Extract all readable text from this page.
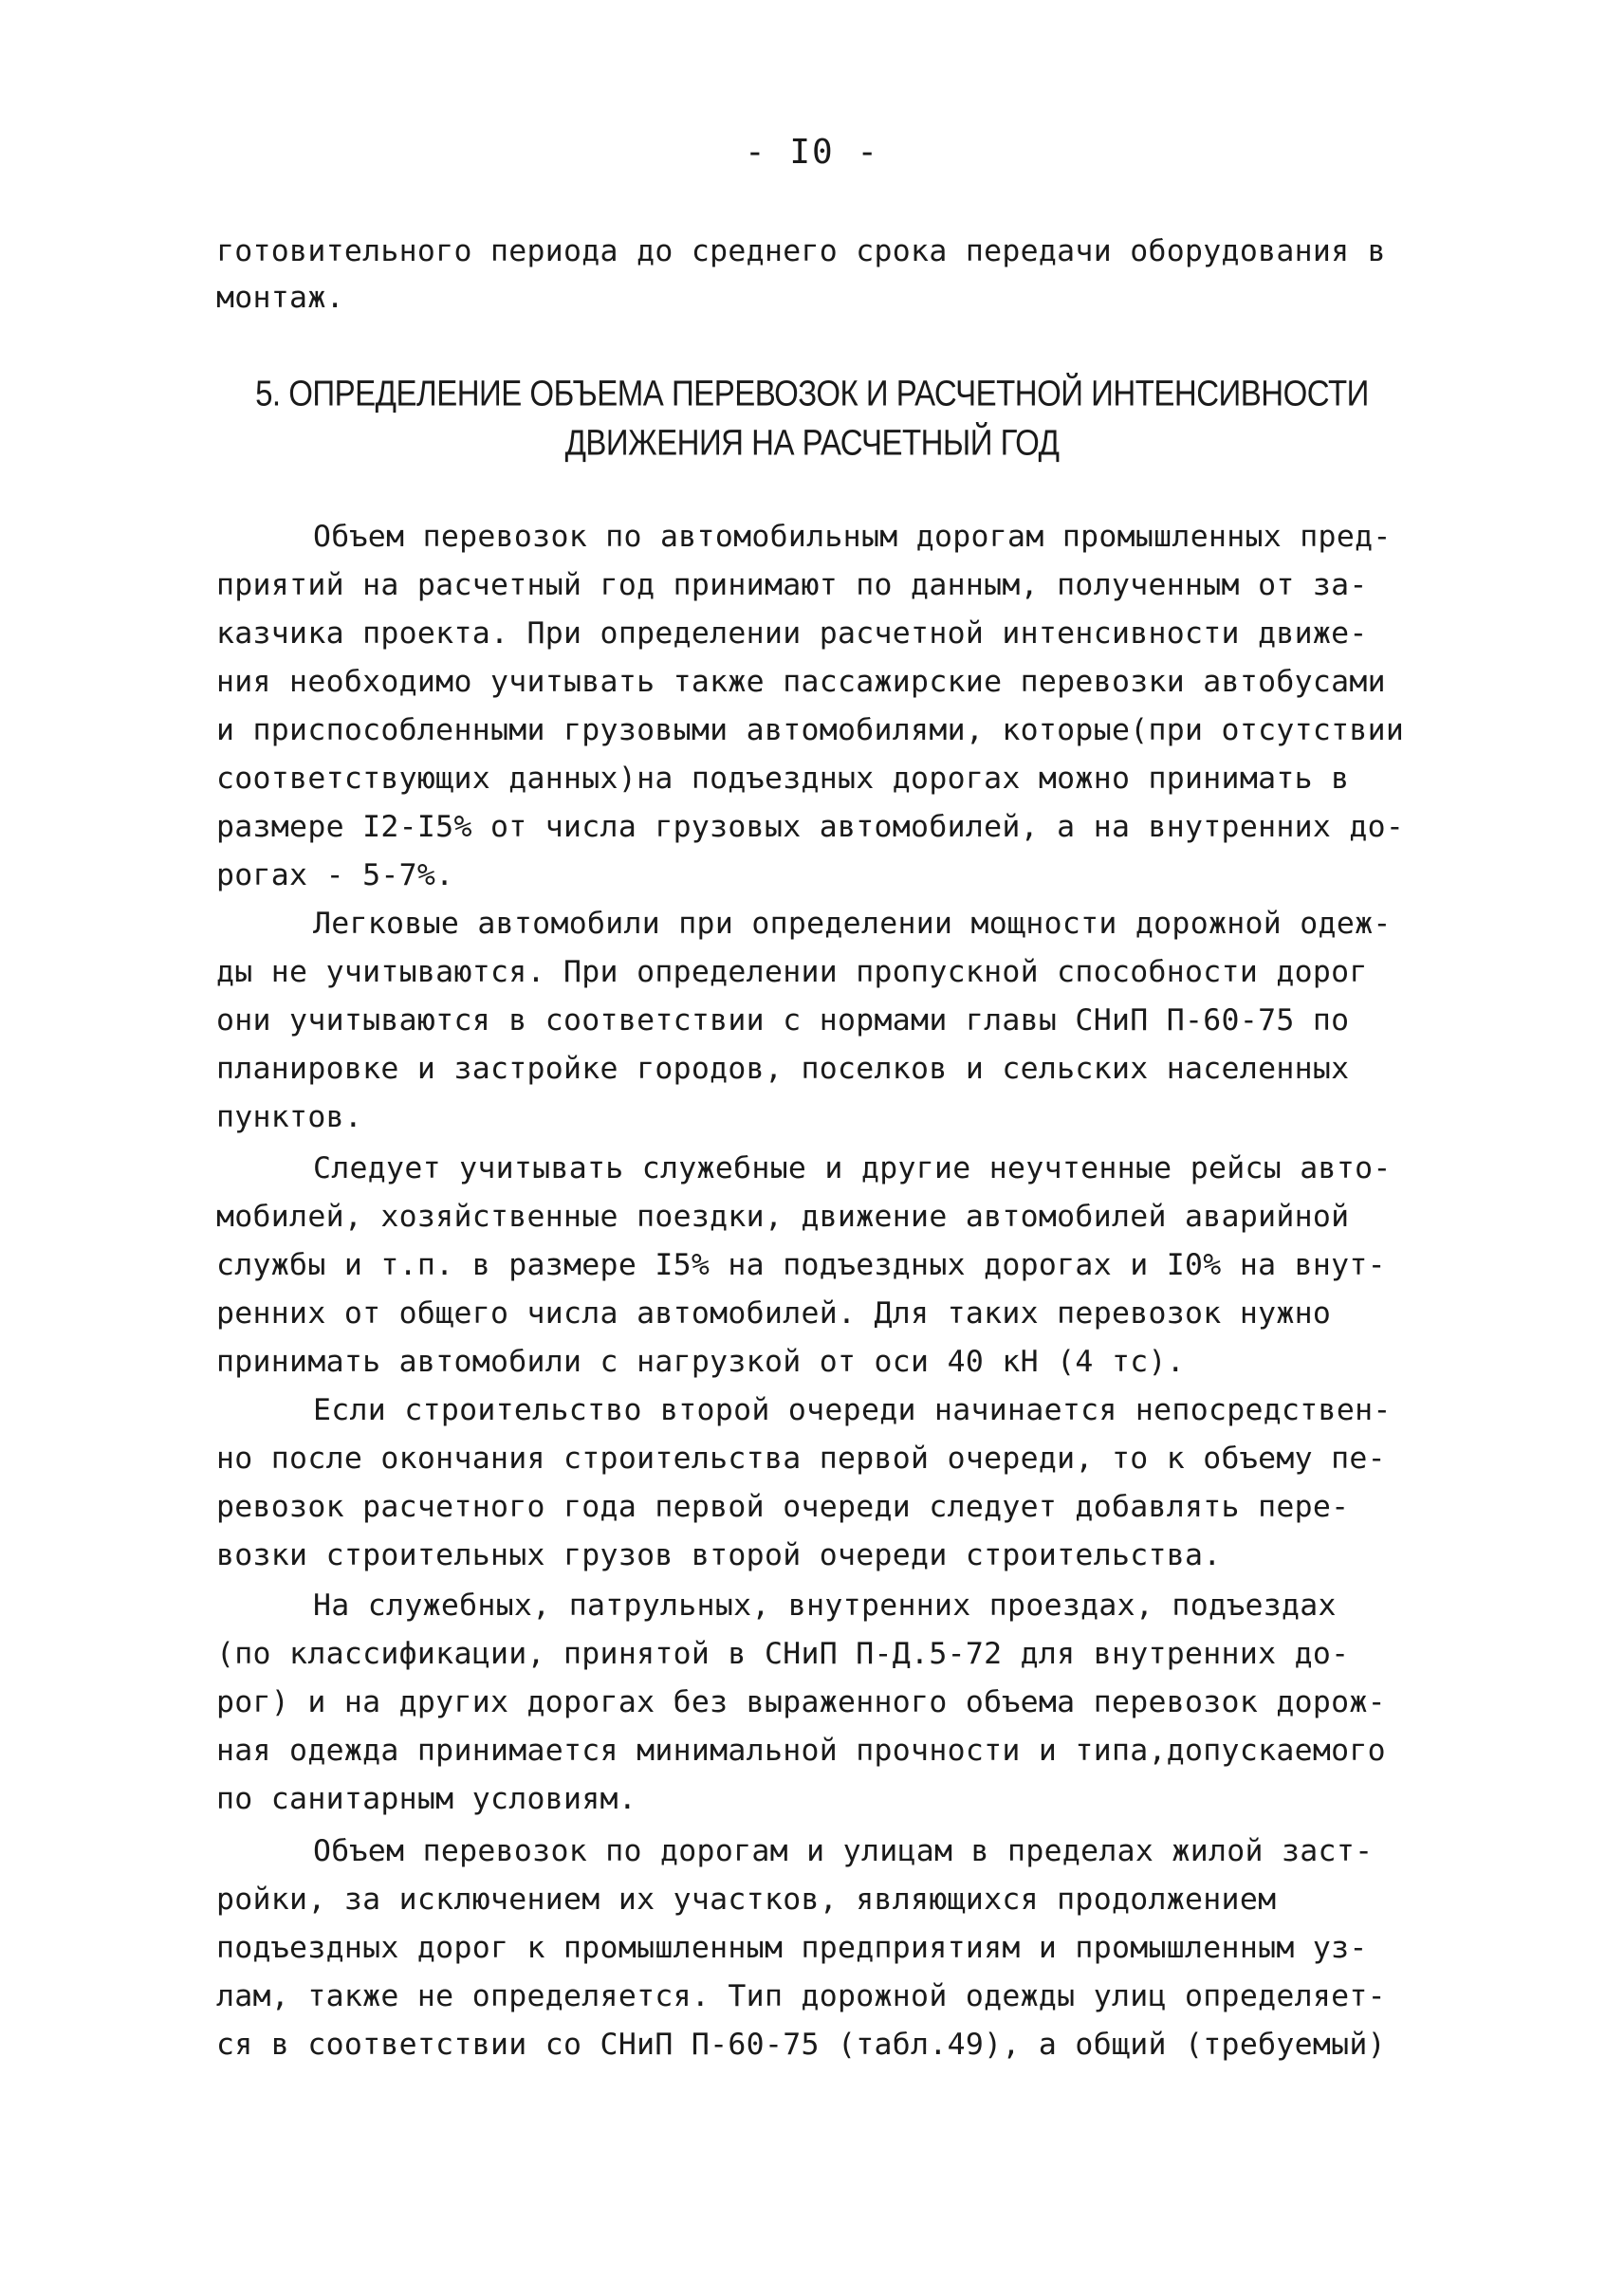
- I0 -
готовительного периода до среднего срока передачи оборудования в
монтаж.
5. ОПРЕДЕЛЕНИЕ ОБЪЕМА ПЕРЕВОЗОК И РАСЧЕТНОЙ ИНТЕНСИВНОСТИ
ДВИЖЕНИЯ НА РАСЧЕТНЫЙ ГОД
Объем перевозок по автомобильным дорогам промышленных пред-
приятий на расчетный год принимают по данным, полученным от за-
казчика проекта. При определении расчетной интенсивности движе-
ния необходимо учитывать также пассажирские перевозки автобусами
и приспособленными грузовыми автомобилями, которые(при отсутствии
соответствующих данных)на подъездных дорогах можно принимать в
размере I2-I5% от числа грузовых автомобилей, а на внутренних до-
рогах - 5-7%.
Легковые автомобили при определении мощности дорожной одеж-
ды не учитываются. При определении пропускной способности дорог
они учитываются в соответствии с нормами главы СНиП П-60-75 по
планировке и застройке городов, поселков и сельских населенных
пунктов.
Следует учитывать служебные и другие неучтенные рейсы авто-
мобилей, хозяйственные поездки, движение автомобилей аварийной
службы и т.п. в размере I5% на подъездных дорогах и I0% на внут-
ренних от общего числа автомобилей. Для таких перевозок нужно
принимать автомобили с нагрузкой от оси 40 кН (4 тс).
Если строительство второй очереди начинается непосредствен-
но после окончания строительства первой очереди, то к объему пе-
ревозок расчетного года первой очереди следует добавлять пере-
возки строительных грузов второй очереди строительства.
На служебных, патрульных, внутренних проездах, подъездах
(по классификации, принятой в СНиП П-Д.5-72 для внутренних до-
рог) и на других дорогах без выраженного объема перевозок дорож-
ная одежда принимается минимальной прочности и типа,допускаемого
по санитарным условиям.
Объем перевозок по дорогам и улицам в пределах жилой заст-
ройки, за исключением их участков, являющихся продолжением
подъездных дорог к промышленным предприятиям и промышленным уз-
лам, также не определяется. Тип дорожной одежды улиц определяет-
ся в соответствии со СНиП П-60-75 (табл.49), а общий (требуемый)
